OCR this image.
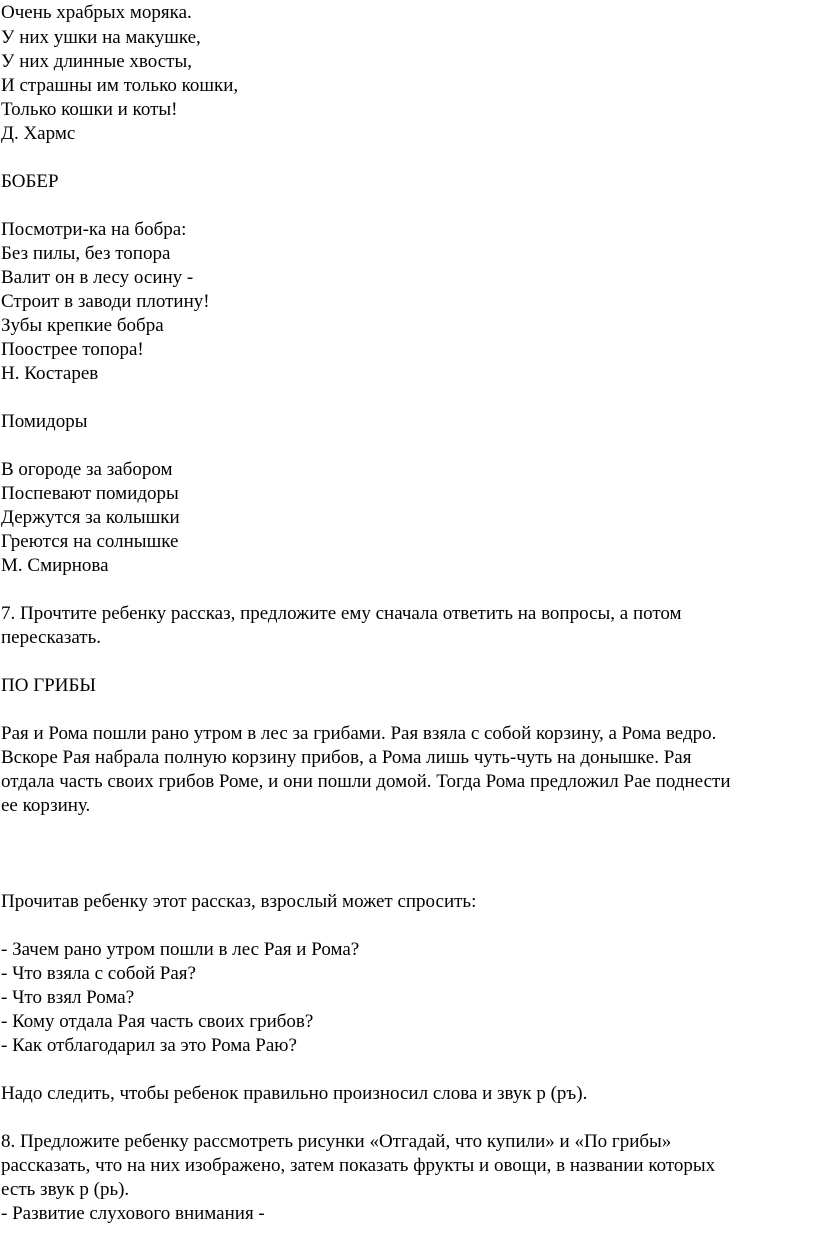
Очень храбрых моряка.
У них ушки на макушке,
У них длинные хвосты,
И страшны им только кошки,
Только кошки и коты!
Д. Хармс
БОБЕР
Посмотри-ка на бобра:
Без пилы, без топора
Валит он в лесу осину -
Строит в заводи плотину!
Зубы крепкие бобра
Поострее топора!
Н. Костарев
Помидоры
В огороде за забором
Поспевают помидоры
Держутся за колышки
Греются на солнышке
М. Смирнова
7. Прочтите ребенку рассказ, предложите ему сначала ответить на вопросы, а потом
пересказать.
ПО ГРИБЫ
Рая и Рома пошли рано утром в лес за грибами. Рая взяла с собой корзину, а Рома ведро.
Вскоре Рая набрала полную корзину прибов, а Рома лишь чуть-чуть на донышке. Рая
отдала часть своих грибов Роме, и они пошли домой. Тогда Рома предложил Рае поднести
ее корзину.
Прочитав ребенку этот рассказ, взрослый может спросить:
- Зачем рано утром пошли в лес Рая и Рома?
- Что взяла с собой Рая?
- Что взял Рома?
- Кому отдала Рая часть своих грибов?
- Как отблагодарил за это Рома Раю?
Надо следить, чтобы ребенок правильно произносил слова и звук р (ръ).
8. Предложите ребенку рассмотреть рисунки «Отгадай, что купили» и «По грибы»
рассказать, что на них изображено, затем показать фрукты и овощи, в названии которых
есть звук р (рь).
- Развитие слухового внимания -
